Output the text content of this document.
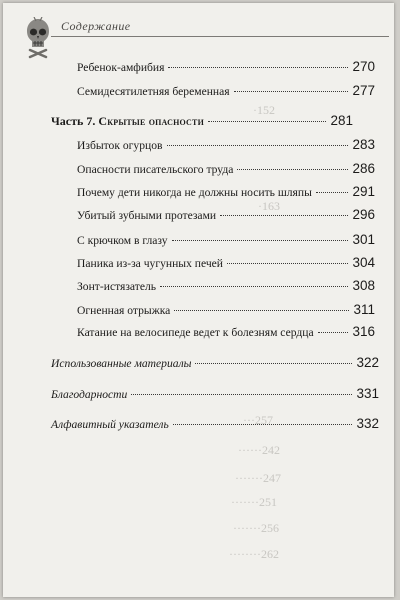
Содержание
·152
·163
···257
······242
·······247
·······251
·······256
········262
Ребенок-амфибия	270
Семидесятилетняя беременная	277
Часть 7. Скрытые опасности	281
Избыток огурцов	283
Опасности писательского труда	286
Почему дети никогда не должны носить шляпы	291
Убитый зубными протезами	296
С крючком в глазу	301
Паника из-за чугунных печей	304
Зонт-истязатель	308
Огненная отрыжка	311
Катание на велосипеде ведет к болезням сердца	316
Использованные материалы	322
Благодарности	331
Алфавитный указатель	332
